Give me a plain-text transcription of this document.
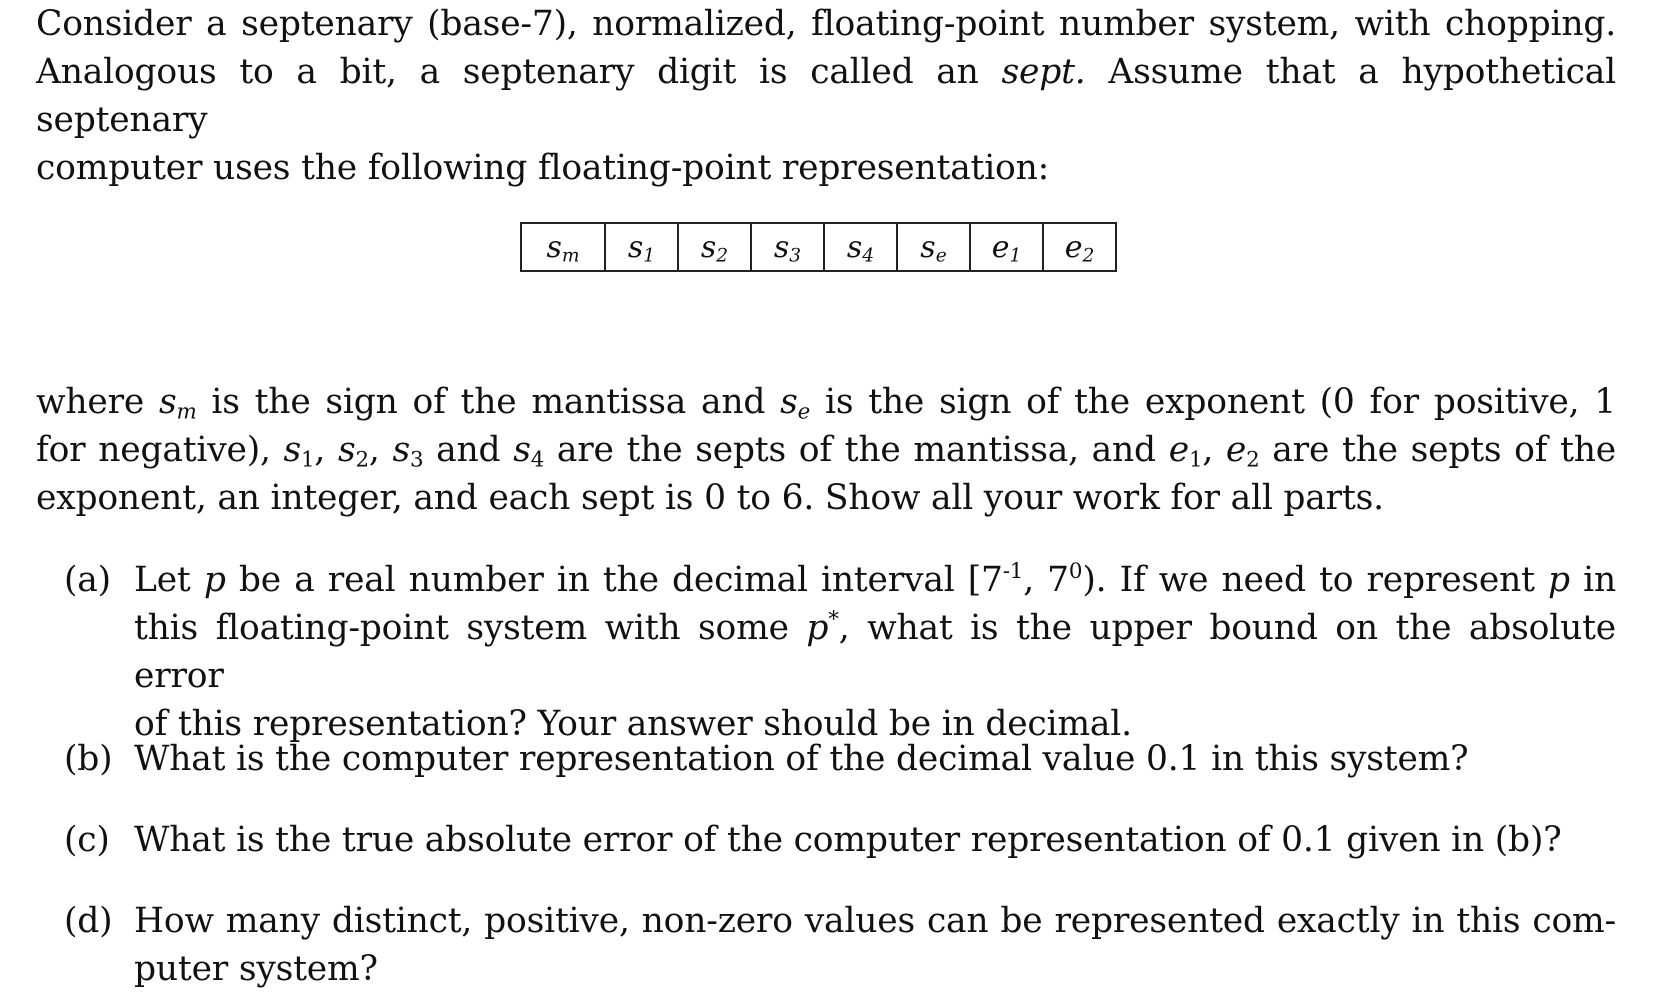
Consider a septenary (base-7), normalized, floating-point number system, with chopping.
Analogous to a bit, a septenary digit is called an sept. Assume that a hypothetical septenary
computer uses the following floating-point representation:
$s_m$	$s_1$	$s_2$	$s_3$	$s_4$	$s_e$	$e_1$	$e_2$
where $s_m$ is the sign of the mantissa and $s_e$ is the sign of the exponent (0 for positive, 1
for negative), $s_1$, $s_2$, $s_3$ and $s_4$ are the septs of the mantissa, and $e_1$, $e_2$ are the septs of the
exponent, an integer, and each sept is 0 to 6. Show all your work for all parts.
(a) Let p be a real number in the decimal interval [$7^{-1}$, $7^0$). If we need to represent p in
this floating-point system with some p*, what is the upper bound on the absolute error
of this representation? Your answer should be in decimal.
(b) What is the computer representation of the decimal value 0.1 in this system?
(c) What is the true absolute error of the computer representation of 0.1 given in (b)?
(d) How many distinct, positive, non-zero values can be represented exactly in this com-
puter system?
